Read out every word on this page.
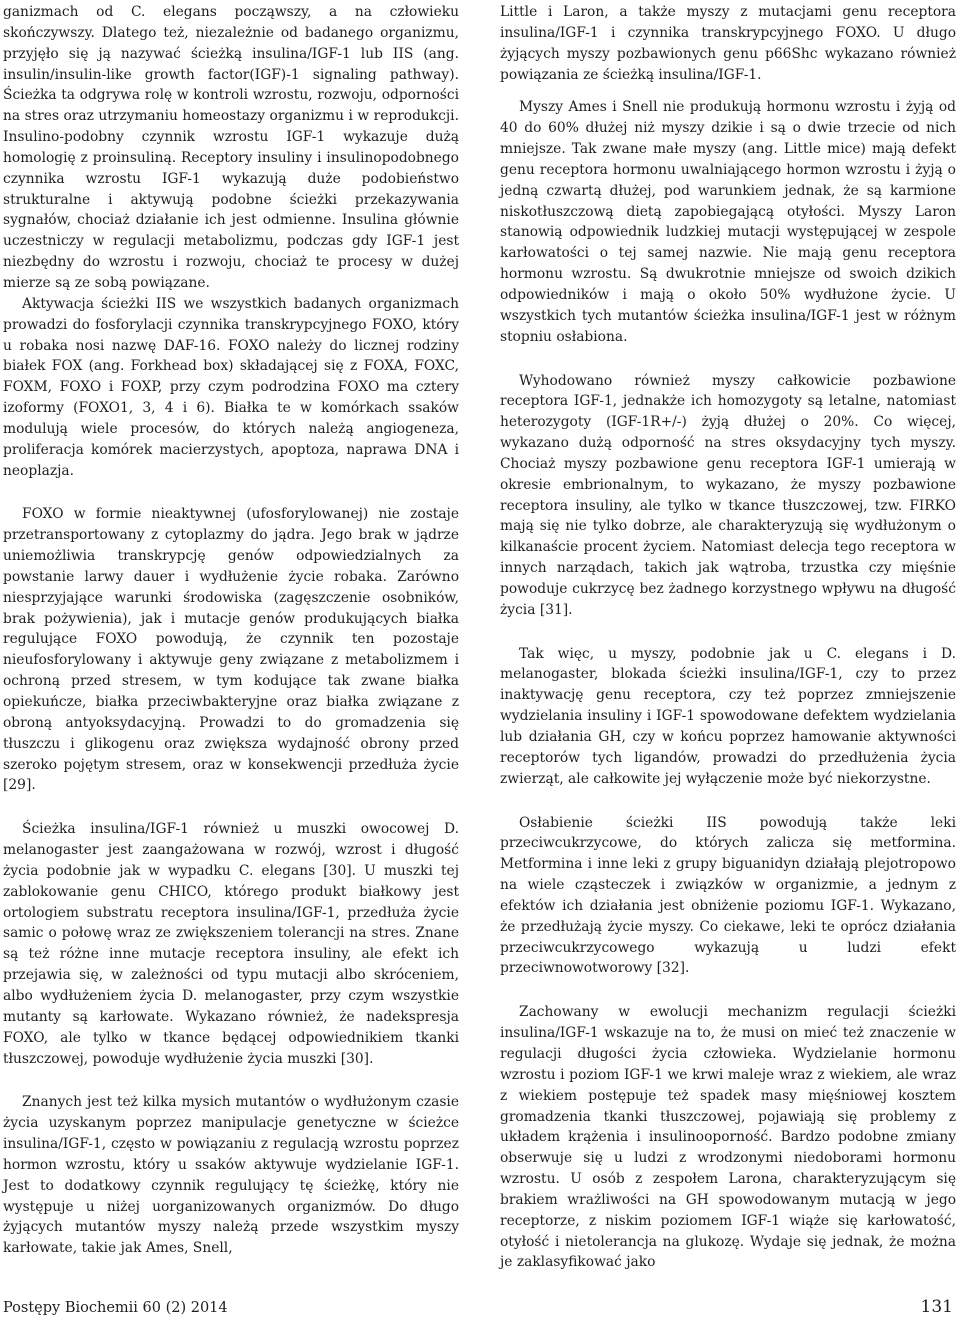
ganizmach od C. elegans począwszy, a na człowieku skończywszy. Dlatego też, niezależnie od badanego organizmu, przyjęło się ją nazywać ścieżką insulina/IGF-1 lub IIS (ang. insulin/insulin-like growth factor(IGF)-1 signaling pathway). Ścieżka ta odgrywa rolę w kontroli wzrostu, rozwoju, odporności na stres oraz utrzymaniu homeostazy organizmu i w reprodukcji. Insulino-podobny czynnik wzrostu IGF-1 wykazuje dużą homologię z proinsuliną. Receptory insuliny i insulinopodobnego czynnika wzrostu IGF-1 wykazują duże podobieństwo strukturalne i aktywują podobne ścieżki przekazywania sygnałów, chociaż działanie ich jest odmienne. Insulina głównie uczestniczy w regulacji metabolizmu, podczas gdy IGF-1 jest niezbędny do wzrostu i rozwoju, chociaż te procesy w dużej mierze są ze sobą powiązane.

Aktywacja ścieżki IIS we wszystkich badanych organizmach prowadzi do fosforylacji czynnika transkrypcyjnego FOXO, który u robaka nosi nazwę DAF-16. FOXO należy do licznej rodziny białek FOX (ang. Forkhead box) składającej się z FOXA, FOXC, FOXM, FOXO i FOXP, przy czym podrodzina FOXO ma cztery izoformy (FOXO1, 3, 4 i 6). Białka te w komórkach ssaków modulują wiele procesów, do których należą angiogeneza, proliferacja komórek macierzystych, apoptoza, naprawa DNA i neoplazja.

FOXO w formie nieaktywnej (ufosforylowanej) nie zostaje przetransportowany z cytoplazmy do jądra. Jego brak w jądrze uniemożliwia transkrypcję genów odpowiedzialnych za powstanie larwy dauer i wydłużenie życie robaka. Zarówno niesprzyjające warunki środowiska (zagęszczenie osobników, brak pożywienia), jak i mutacje genów produkujących białka regulujące FOXO powodują, że czynnik ten pozostaje nieufosforylowany i aktywuje geny związane z metabolizmem i ochroną przed stresem, w tym kodujące tak zwane białka opiekuńcze, białka przeciwbakteryjne oraz białka związane z obroną antyoksydacyjną. Prowadzi to do gromadzenia się tłuszczu i glikogenu oraz zwiększa wydajność obrony przed szeroko pojętym stresem, oraz w konsekwencji przedłuża życie [29].

Ścieżka insulina/IGF-1 również u muszki owocowej D. melanogaster jest zaangażowana w rozwój, wzrost i długość życia podobnie jak w wypadku C. elegans [30]. U muszki tej zablokowanie genu CHICO, którego produkt białkowy jest ortologiem substratu receptora insulina/IGF-1, przedłuża życie samic o połowę wraz ze zwiększeniem tolerancji na stres. Znane są też różne inne mutacje receptora insuliny, ale efekt ich przejawia się, w zależności od typu mutacji albo skróceniem, albo wydłużeniem życia D. melanogaster, przy czym wszystkie mutanty są karłowate. Wykazano również, że nadekspresja FOXO, ale tylko w tkance będącej odpowiednikiem tkanki tłuszczowej, powoduje wydłużenie życia muszki [30].

Znanych jest też kilka mysich mutantów o wydłużonym czasie życia uzyskanym poprzez manipulacje genetyczne w ścieżce insulina/IGF-1, często w powiązaniu z regulacją wzrostu poprzez hormon wzrostu, który u ssaków aktywuje wydzielanie IGF-1. Jest to dodatkowy czynnik regulujący tę ścieżkę, który nie występuje u niżej uorganizowanych organizmów. Do długo żyjących mutantów myszy należą przede wszystkim myszy karłowate, takie jak Ames, Snell,

Little i Laron, a także myszy z mutacjami genu receptora insulina/IGF-1 i czynnika transkrypcyjnego FOXO. U długo żyjących myszy pozbawionych genu p66Shc wykazano również powiązania ze ścieżką insulina/IGF-1.

Myszy Ames i Snell nie produkują hormonu wzrostu i żyją od 40 do 60% dłużej niż myszy dzikie i są o dwie trzecie od nich mniejsze. Tak zwane małe myszy (ang. Little mice) mają defekt genu receptora hormonu uwalniającego hormon wzrostu i żyją o jedną czwartą dłużej, pod warunkiem jednak, że są karmione niskotłuszczową dietą zapobiegającą otyłości. Myszy Laron stanowią odpowiednik ludzkiej mutacji występującej w zespole karłowatości o tej samej nazwie. Nie mają genu receptora hormonu wzrostu. Są dwukrotnie mniejsze od swoich dzikich odpowiedników i mają o około 50% wydłużone życie. U wszystkich tych mutantów ścieżka insulina/IGF-1 jest w różnym stopniu osłabiona.

Wyhodowano również myszy całkowicie pozbawione receptora IGF-1, jednakże ich homozygoty są letalne, natomiast heterozygoty (IGF-1R+/-) żyją dłużej o 20%. Co więcej, wykazano dużą odporność na stres oksydacyjny tych myszy. Chociaż myszy pozbawione genu receptora IGF-1 umierają w okresie embrionalnym, to wykazano, że myszy pozbawione receptora insuliny, ale tylko w tkance tłuszczowej, tzw. FIRKO mają się nie tylko dobrze, ale charakteryzują się wydłużonym o kilkanaście procent życiem. Natomiast delecja tego receptora w innych narządach, takich jak wątroba, trzustka czy mięśnie powoduje cukrzycę bez żadnego korzystnego wpływu na długość życia [31].

Tak więc, u myszy, podobnie jak u C. elegans i D. melanogaster, blokada ścieżki insulina/IGF-1, czy to przez inaktywację genu receptora, czy też poprzez zmniejszenie wydzielania insuliny i IGF-1 spowodowane defektem wydzielania lub działania GH, czy w końcu poprzez hamowanie aktywności receptorów tych ligandów, prowadzi do przedłużenia życia zwierząt, ale całkowite jej wyłączenie może być niekorzystne.

Osłabienie ścieżki IIS powodują także leki przeciwcukrzycowe, do których zalicza się metformina. Metformina i inne leki z grupy biguanidyn działają plejotropowo na wiele cząsteczek i związków w organizmie, a jednym z efektów ich działania jest obniżenie poziomu IGF-1. Wykazano, że przedłużają życie myszy. Co ciekawe, leki te oprócz działania przeciwcukrzycowego wykazują u ludzi efekt przeciwnowotworowy [32].

Zachowany w ewolucji mechanizm regulacji ścieżki insulina/IGF-1 wskazuje na to, że musi on mieć też znaczenie w regulacji długości życia człowieka. Wydzielanie hormonu wzrostu i poziom IGF-1 we krwi maleje wraz z wiekiem, ale wraz z wiekiem postępuje też spadek masy mięśniowej kosztem gromadzenia tkanki tłuszczowej, pojawiają się problemy z układem krążenia i insulinooporność. Bardzo podobne zmiany obserwuje się u ludzi z wrodzonymi niedoborami hormonu wzrostu. U osób z zespołem Larona, charakteryzującym się brakiem wrażliwości na GH spowodowanym mutacją w jego receptorze, z niskim poziomem IGF-1 wiąże się karłowatość, otyłość i nietolerancja na glukozę. Wydaje się jednak, że można je zaklasyfikować jako

Postępy Biochemii 60 (2) 2014	131
